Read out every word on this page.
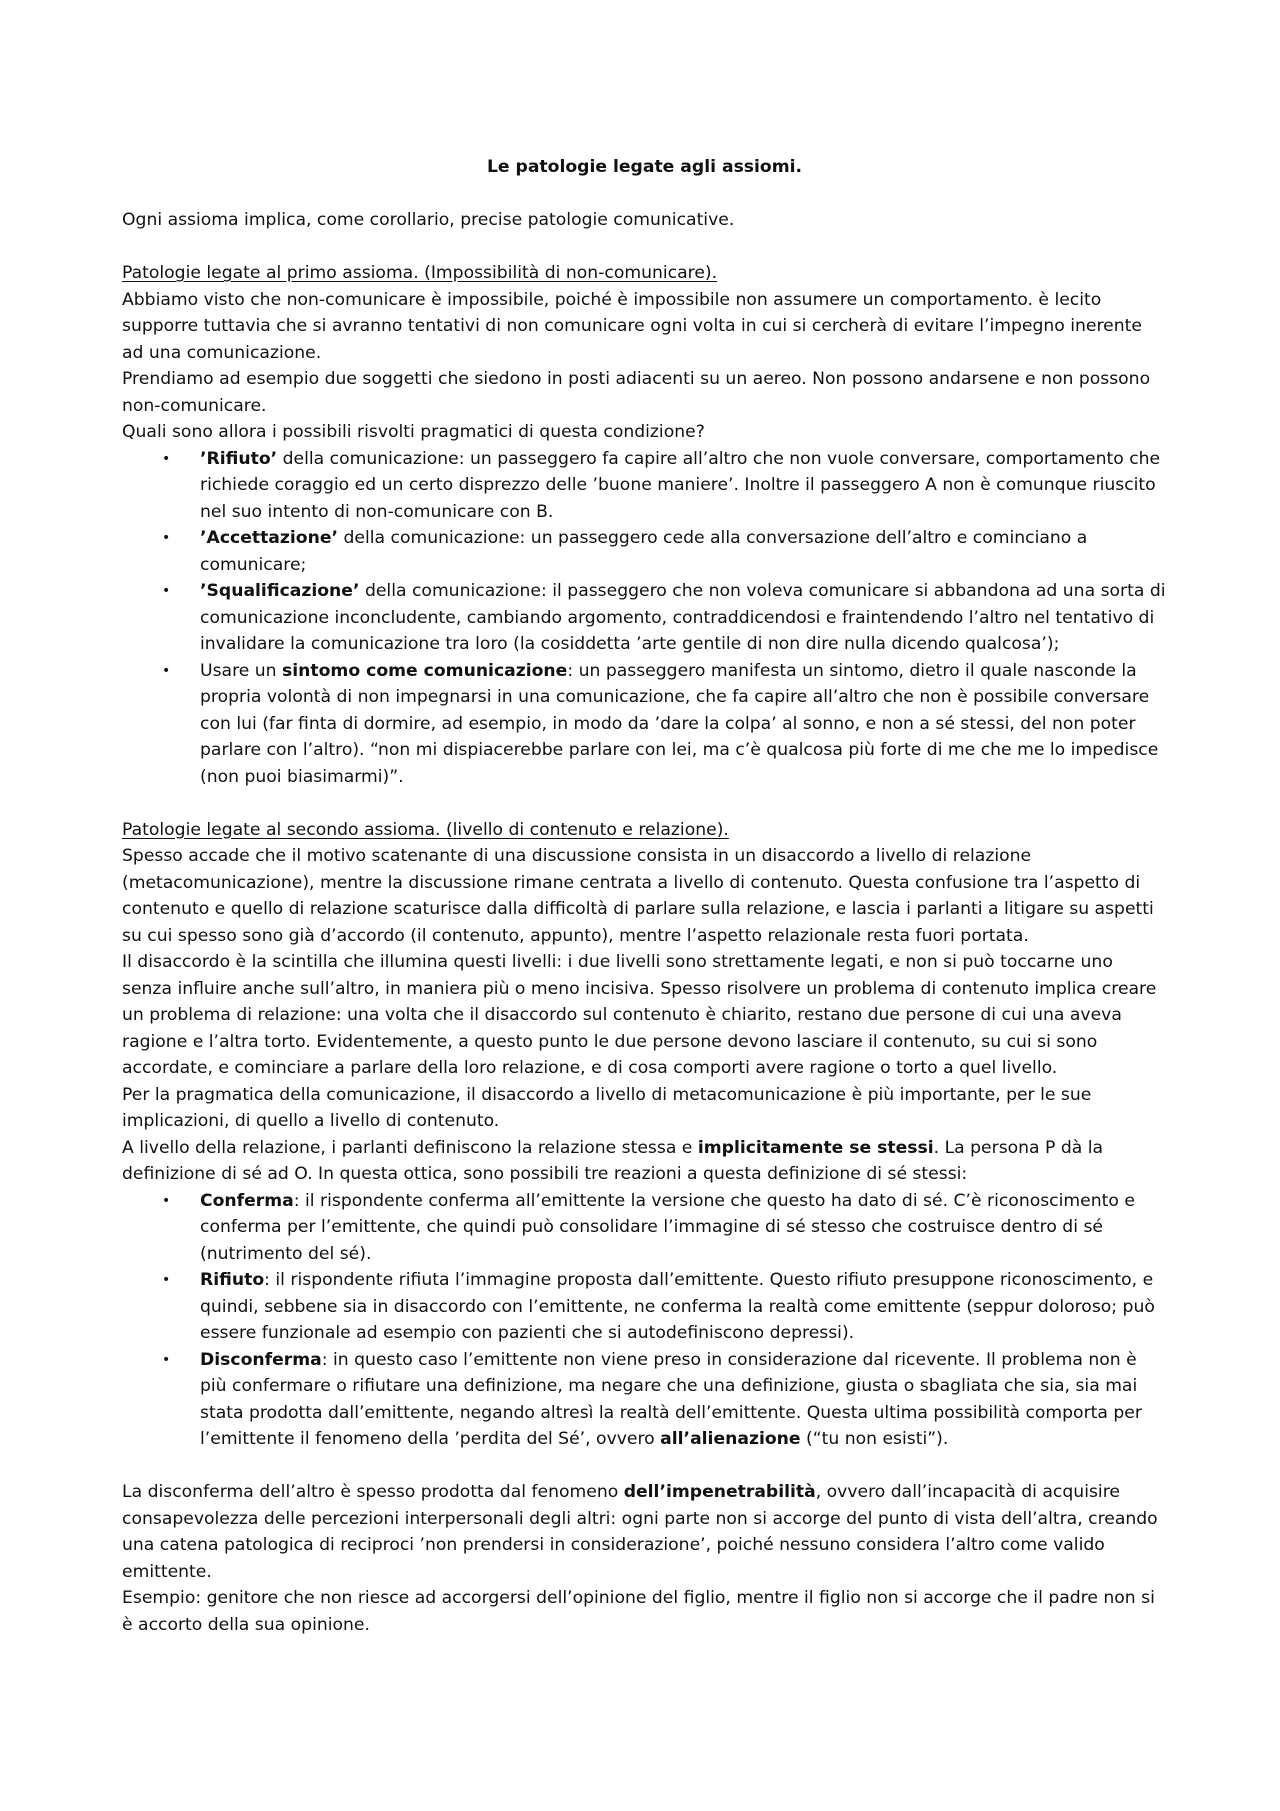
Le patologie legate agli assiomi.

Ogni assioma implica, come corollario, precise patologie comunicative.

Patologie legate al primo assioma. (Impossibilità di non-comunicare).

Abbiamo visto che non-comunicare è impossibile, poiché è impossibile non assumere un comportamento. è lecito supporre tuttavia che si avranno tentativi di non comunicare ogni volta in cui si cercherà di evitare l’impegno inerente ad una comunicazione.

Prendiamo ad esempio due soggetti che siedono in posti adiacenti su un aereo. Non possono andarsene e non possono non-comunicare.

Quali sono allora i possibili risvolti pragmatici di questa condizione?

• ’Rifiuto’ della comunicazione: un passeggero fa capire all’altro che non vuole conversare, comportamento che richiede coraggio ed un certo disprezzo delle ’buone maniere’. Inoltre il passeggero A non è comunque riuscito nel suo intento di non-comunicare con B.
• ’Accettazione’ della comunicazione: un passeggero cede alla conversazione dell’altro e cominciano a comunicare;
• ’Squalificazione’ della comunicazione: il passeggero che non voleva comunicare si abbandona ad una sorta di comunicazione inconcludente, cambiando argomento, contraddicendosi e fraintendendo l’altro nel tentativo di invalidare la comunicazione tra loro (la cosiddetta ’arte gentile di non dire nulla dicendo qualcosa’);
• Usare un sintomo come comunicazione: un passeggero manifesta un sintomo, dietro il quale nasconde la propria volontà di non impegnarsi in una comunicazione, che fa capire all’altro che non è possibile conversare con lui (far finta di dormire, ad esempio, in modo da ’dare la colpa’ al sonno, e non a sé stessi, del non poter parlare con l’altro). “non mi dispiacerebbe parlare con lei, ma c’è qualcosa più forte di me che me lo impedisce (non puoi biasimarmi)”.

Patologie legate al secondo assioma. (livello di contenuto e relazione).

Spesso accade che il motivo scatenante di una discussione consista in un disaccordo a livello di relazione (metacomunicazione), mentre la discussione rimane centrata a livello di contenuto. Questa confusione tra l’aspetto di contenuto e quello di relazione scaturisce dalla difficoltà di parlare sulla relazione, e lascia i parlanti a litigare su aspetti su cui spesso sono già d’accordo (il contenuto, appunto), mentre l’aspetto relazionale resta fuori portata.

Il disaccordo è la scintilla che illumina questi livelli: i due livelli sono strettamente legati, e non si può toccarne uno senza influire anche sull’altro, in maniera più o meno incisiva. Spesso risolvere un problema di contenuto implica creare un problema di relazione: una volta che il disaccordo sul contenuto è chiarito, restano due persone di cui una aveva ragione e l’altra torto. Evidentemente, a questo punto le due persone devono lasciare il contenuto, su cui si sono accordate, e cominciare a parlare della loro relazione, e di cosa comporti avere ragione o torto a quel livello.

Per la pragmatica della comunicazione, il disaccordo a livello di metacomunicazione è più importante, per le sue implicazioni, di quello a livello di contenuto.

A livello della relazione, i parlanti definiscono la relazione stessa e implicitamente se stessi. La persona P dà la definizione di sé ad O. In questa ottica, sono possibili tre reazioni a questa definizione di sé stessi:

• Conferma: il rispondente conferma all’emittente la versione che questo ha dato di sé. C’è riconoscimento e conferma per l’emittente, che quindi può consolidare l’immagine di sé stesso che costruisce dentro di sé (nutrimento del sé).
• Rifiuto: il rispondente rifiuta l’immagine proposta dall’emittente. Questo rifiuto presuppone riconoscimento, e quindi, sebbene sia in disaccordo con l’emittente, ne conferma la realtà come emittente (seppur doloroso; può essere funzionale ad esempio con pazienti che si autodefiniscono depressi).
• Disconferma: in questo caso l’emittente non viene preso in considerazione dal ricevente. Il problema non è più confermare o rifiutare una definizione, ma negare che una definizione, giusta o sbagliata che sia, sia mai stata prodotta dall’emittente, negando altresì la realtà dell’emittente. Questa ultima possibilità comporta per l’emittente il fenomeno della ’perdita del Sé’, ovvero all’alienazione (“tu non esisti”).

La disconferma dell’altro è spesso prodotta dal fenomeno dell’impenetrabilità, ovvero dall’incapacità di acquisire consapevolezza delle percezioni interpersonali degli altri: ogni parte non si accorge del punto di vista dell’altra, creando una catena patologica di reciproci ’non prendersi in considerazione’, poiché nessuno considera l’altro come valido emittente.

Esempio: genitore che non riesce ad accorgersi dell’opinione del figlio, mentre il figlio non si accorge che il padre non si è accorto della sua opinione.
